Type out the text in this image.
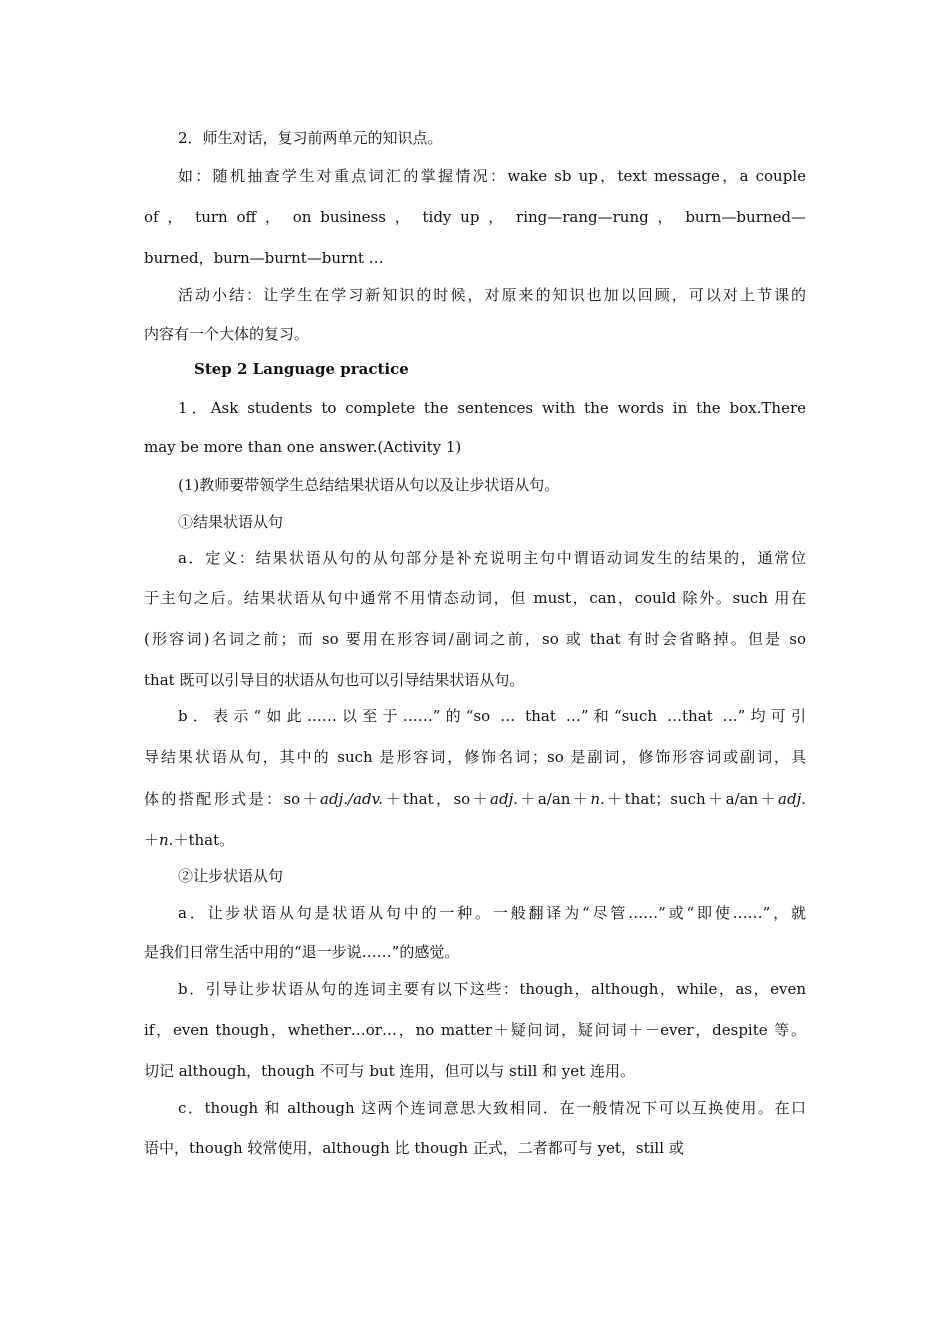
2．师生对话，复习前两单元的知识点。
如：随机抽查学生对重点词汇的掌握情况：wake sb up，text message，a couple
of ， turn off ， on business ， tidy up ， ring—rang—rung ， burn—burned—
burned，burn—burnt—burnt …
活动小结：让学生在学习新知识的时候，对原来的知识也加以回顾，可以对上节课的
内容有一个大体的复习。
Step 2 Language practice
1．Ask students to complete the sentences with the words in the box.There
may be more than one answer.(Activity 1)
(1)教师要带领学生总结结果状语从句以及让步状语从句。
①结果状语从句
a．定义：结果状语从句的从句部分是补充说明主句中谓语动词发生的结果的，通常位
于主句之后。结果状语从句中通常不用情态动词，但 must，can，could 除外。such 用在
(形容词)名词之前；而 so 要用在形容词/副词之前，so 或 that 有时会省略掉。但是 so
that 既可以引导目的状语从句也可以引导结果状语从句。
b．表示“如此……以至于……”的“so … that …”和“such …that …”均可引
导结果状语从句，其中的 such 是形容词，修饰名词；so 是副词，修饰形容词或副词，具
体的搭配形式是：so＋adj./adv.＋that，so＋adj.＋a/an＋n.＋that；such＋a/an＋adj.
＋n.＋that。
②让步状语从句
a．让步状语从句是状语从句中的一种。一般翻译为“尽管……”或“即使……”，就
是我们日常生活中用的“退一步说……”的感觉。
b．引导让步状语从句的连词主要有以下这些：though，although，while，as，even
if，even though，whether…or…，no matter＋疑问词，疑问词＋－ever，despite 等。
切记 although，though 不可与 but 连用，但可以与 still 和 yet 连用。
c．though 和 although 这两个连词意思大致相同．在一般情况下可以互换使用。在口
语中，though 较常使用，although 比 though 正式，二者都可与 yet，still 或
